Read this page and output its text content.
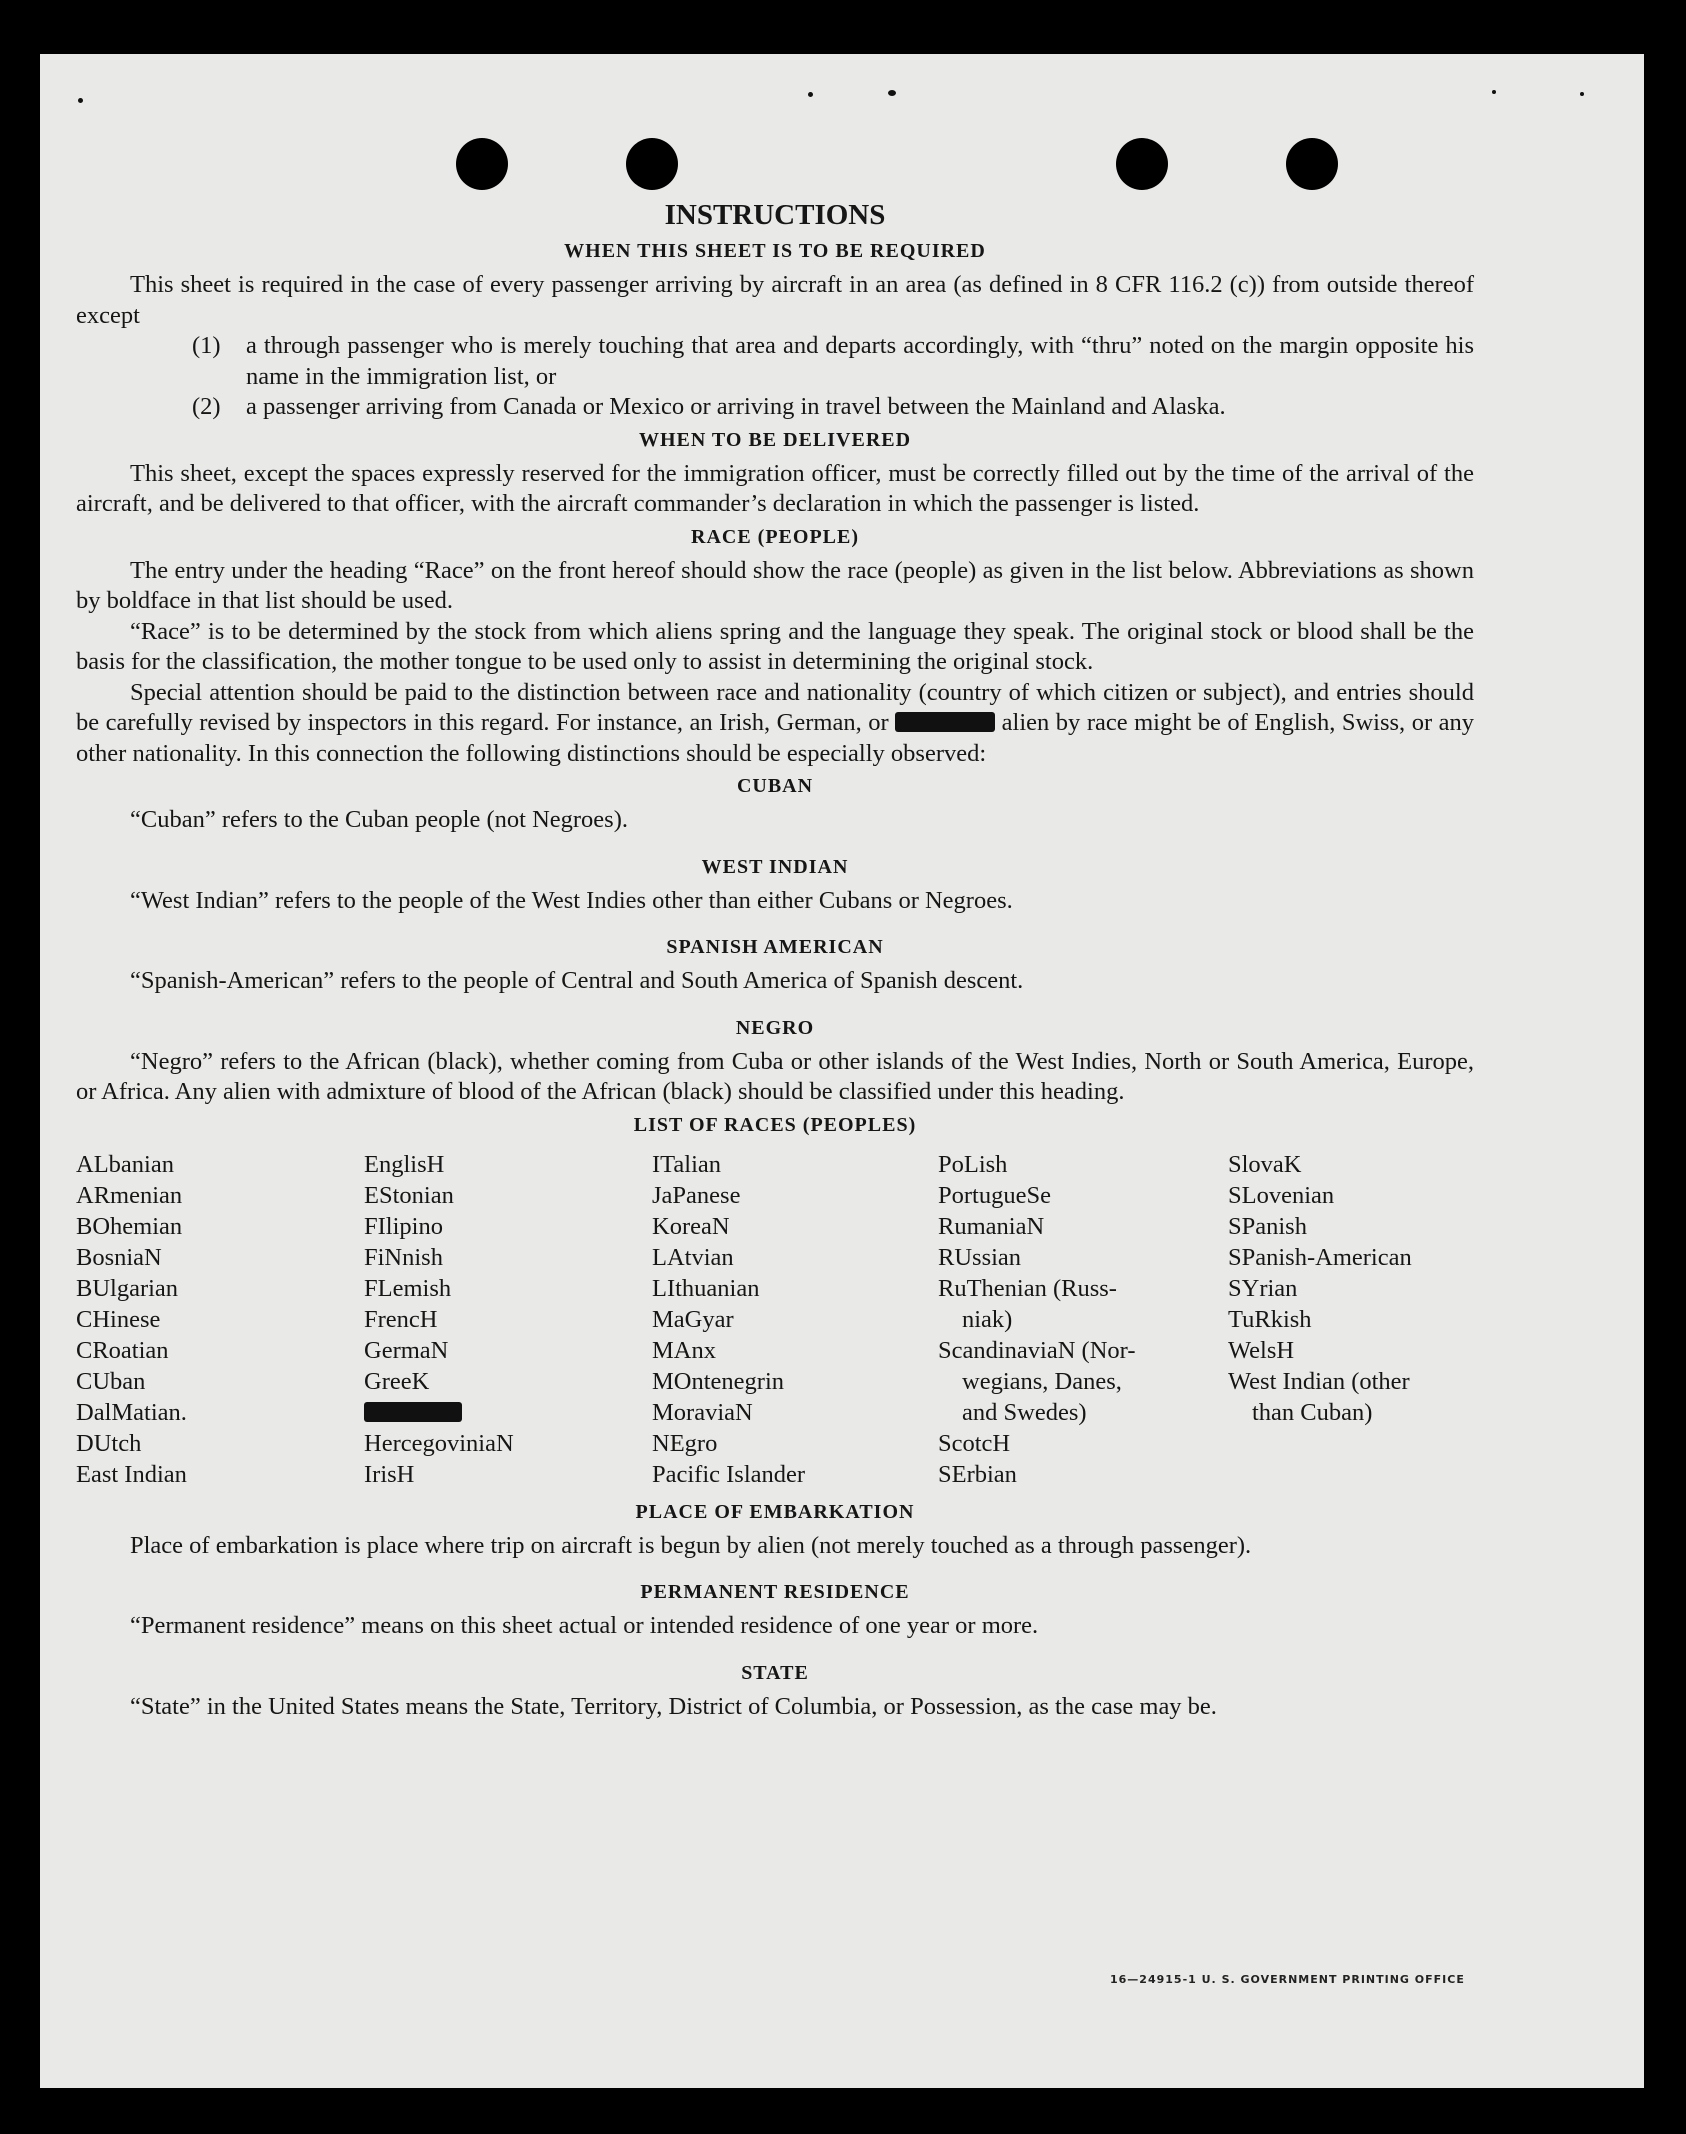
INSTRUCTIONS
WHEN THIS SHEET IS TO BE REQUIRED

This sheet is required in the case of every passenger arriving by aircraft in an area (as defined in 8 CFR 116.2 (c)) from outside thereof except

(1)	a through passenger who is merely touching that area and departs accordingly, with “thru” noted on the margin opposite his name in the immigration list, or
(2)	a passenger arriving from Canada or Mexico or arriving in travel between the Mainland and Alaska.
WHEN TO BE DELIVERED

This sheet, except the spaces expressly reserved for the immigration officer, must be correctly filled out by the time of the arrival of the aircraft, and be delivered to that officer, with the aircraft commander’s declaration in which the passenger is listed.

RACE (PEOPLE)

The entry under the heading “Race” on the front hereof should show the race (people) as given in the list below. Abbreviations as shown by boldface in that list should be used.

“Race” is to be determined by the stock from which aliens spring and the language they speak. The original stock or blood shall be the basis for the classification, the mother tongue to be used only to assist in determining the original stock.

Special attention should be paid to the distinction between race and nationality (country of which citizen or subject), and entries should be carefully revised by inspectors in this regard. For instance, an Irish, German, or	alien by race might be of English, Swiss, or any other nationality. In this connection the following distinctions should be especially observed:

CUBAN

“Cuban” refers to the Cuban people (not Negroes).

WEST INDIAN

“West Indian” refers to the people of the West Indies other than either Cubans or Negroes.

SPANISH AMERICAN

“Spanish-American” refers to the people of Central and South America of Spanish descent.

NEGRO

“Negro” refers to the African (black), whether coming from Cuba or other islands of the West Indies, North or South America, Europe, or Africa. Any alien with admixture of blood of the African (black) should be classified under this heading.

LIST OF RACES (PEOPLES)
ALbanian
ARmenian
BOhemian
BosniaN
BUlgarian
CHinese
CRoatian
CUban
DalMatian.
DUtch
East Indian
EnglisH
EStonian
FIlipino
FiNnish
FLemish
FrencH
GermaN
GreeK
HercegoviniaN
IrisH
ITalian
JaPanese
KoreaN
LAtvian
LIthuanian
MaGyar
MAnx
MOntenegrin
MoraviaN
NEgro
Pacific Islander
PoLish
PortugueSe
RumaniaN
RUssian
RuThenian (Russ-
niak)
ScandinaviaN (Nor-
wegians, Danes,
and Swedes)
ScotcH
SErbian
SlovaK
SLovenian
SPanish
SPanish-American
SYrian
TuRkish
WelsH
West Indian (other
than Cuban)
PLACE OF EMBARKATION

Place of embarkation is place where trip on aircraft is begun by alien (not merely touched as a through passenger).

PERMANENT RESIDENCE

“Permanent residence” means on this sheet actual or intended residence of one year or more.

STATE

“State” in the United States means the State, Territory, District of Columbia, or Possession, as the case may be.

16—24915-1 U. S. GOVERNMENT PRINTING OFFICE
